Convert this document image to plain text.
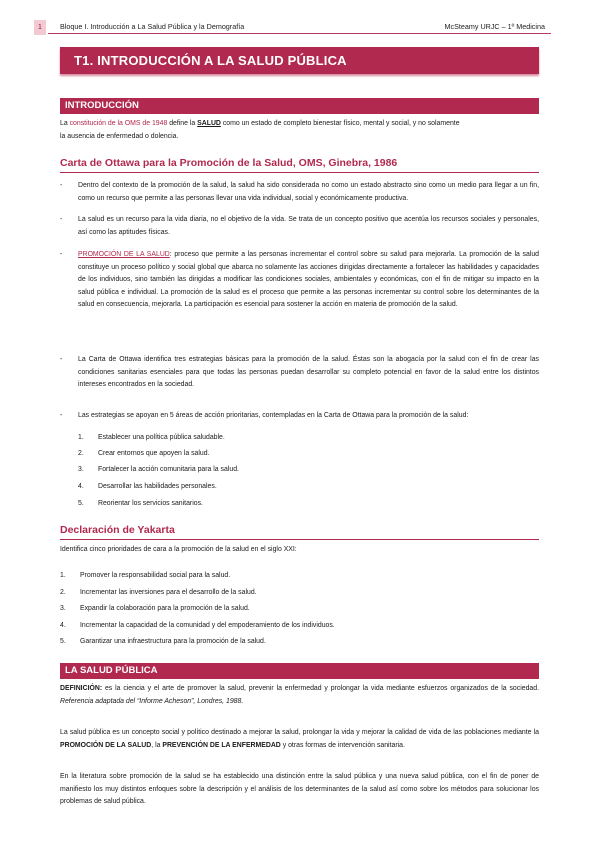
1	Bloque I. Introducción a La Salud Pública y la Demografía	McSteamy URJC – 1º Medicina
T1. INTRODUCCIÓN A LA SALUD PÚBLICA
INTRODUCCIÓN
La constitución de la OMS de 1948 define la SALUD como un estado de completo bienestar físico, mental y social, y no solamente
la ausencia de enfermedad o dolencia.
Carta de Ottawa para la Promoción de la Salud, OMS, Ginebra, 1986
- Dentro del contexto de la promoción de la salud, la salud ha sido considerada no como un estado abstracto sino como un medio para llegar a un fin, como un recurso que permite a las personas llevar una vida individual, social y económicamente productiva.
- La salud es un recurso para la vida diaria, no el objetivo de la vida. Se trata de un concepto positivo que acentúa los recursos sociales y personales, así como las aptitudes físicas.
- PROMOCIÓN DE LA SALUD: proceso que permite a las personas incrementar el control sobre su salud para mejorarla. La promoción de la salud constituye un proceso político y social global que abarca no solamente las acciones dirigidas directamente a fortalecer las habilidades y capacidades de los individuos, sino también las dirigidas a modificar las condiciones sociales, ambientales y económicas, con el fin de mitigar su impacto en la salud pública e individual. La promoción de la salud es el proceso que permite a las personas incrementar su control sobre los determinantes de la salud en consecuencia, mejorarla. La participación es esencial para sostener la acción en materia de promoción de la salud.
- La Carta de Ottawa identifica tres estrategias básicas para la promoción de la salud. Éstas son la abogacía por la salud con el fin de crear las condiciones sanitarias esenciales para que todas las personas puedan desarrollar su completo potencial en favor de la salud entre los distintos intereses encontrados en la sociedad.
- Las estrategias se apoyan en 5 áreas de acción prioritarias, contempladas en la Carta de Ottawa para la promoción de la salud:
1. Establecer una política pública saludable.
2. Crear entornos que apoyen la salud.
3. Fortalecer la acción comunitaria para la salud.
4. Desarrollar las habilidades personales.
5. Reorientar los servicios sanitarios.
Declaración de Yakarta
Identifica cinco prioridades de cara a la promoción de la salud en el siglo XXI:
1. Promover la responsabilidad social para la salud.
2. Incrementar las inversiones para el desarrollo de la salud.
3. Expandir la colaboración para la promoción de la salud.
4. Incrementar la capacidad de la comunidad y del empoderamiento de los individuos.
5. Garantizar una infraestructura para la promoción de la salud.
LA SALUD PÚBLICA
DEFINICIÓN: es la ciencia y el arte de promover la salud, prevenir la enfermedad y prolongar la vida mediante esfuerzos organizados de la sociedad. Referencia adaptada del “Informe Acheson”, Londres, 1988.
La salud pública es un concepto social y político destinado a mejorar la salud, prolongar la vida y mejorar la calidad de vida de las poblaciones mediante la PROMOCIÓN DE LA SALUD, la PREVENCIÓN DE LA ENFERMEDAD y otras formas de intervención sanitaria.
En la literatura sobre promoción de la salud se ha establecido una distinción entre la salud pública y una nueva salud pública, con el fin de poner de manifiesto los muy distintos enfoques sobre la descripción y el análisis de los determinantes de la salud así como sobre los métodos para solucionar los problemas de salud pública.
